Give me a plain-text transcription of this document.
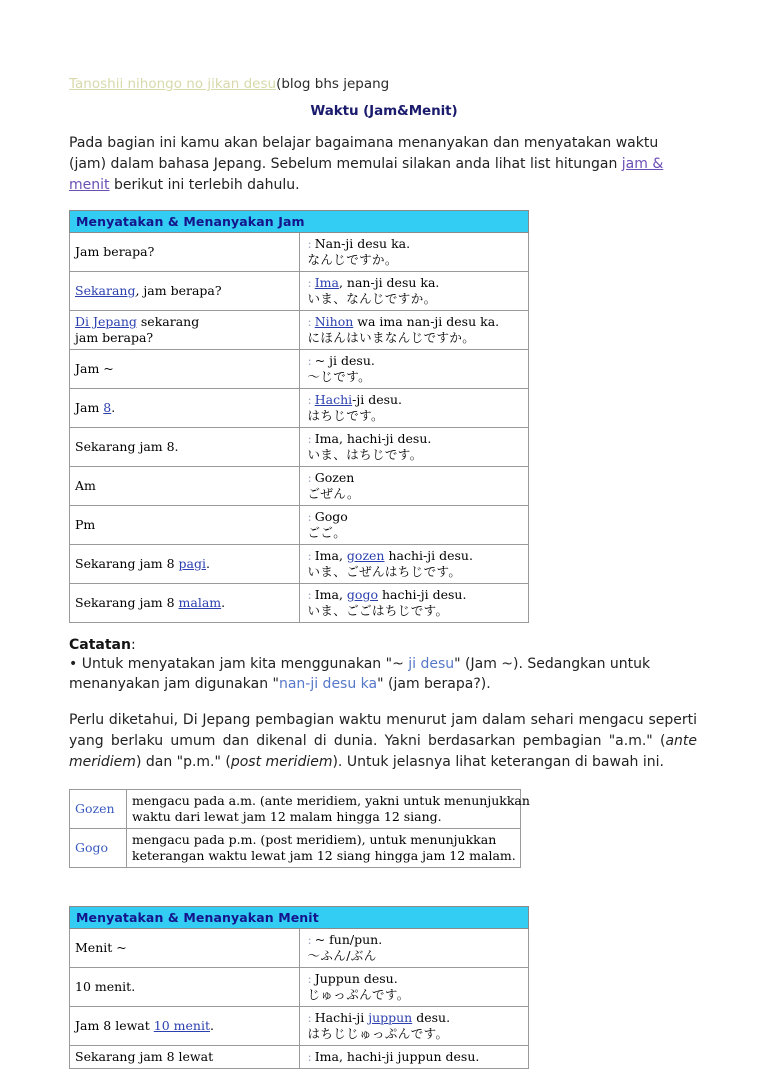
Tanoshii nihongo no jikan desu(blog bhs jepang

Waktu (Jam&Menit)

Pada bagian ini kamu akan belajar bagaimana menanyakan dan menyatakan waktu (jam) dalam bahasa Jepang. Sebelum memulai silakan anda lihat list hitungan jam & menit berikut ini terlebih dahulu.

Menyatakan & Menanyakan Jam	
Jam berapa?	: Nan-ji desu ka.
なんじですか。

Sekarang, jam berapa?	: Ima, nan-ji desu ka.
いま、なんじですか。

Di Jepang sekarang
jam berapa?	: Nihon wa ima nan-ji desu ka.
にほんはいまなんじですか。

Jam ~	: ~ ji desu.
〜じです。

Jam 8.	: Hachi-ji desu.
はちじです。

Sekarang jam 8.	: Ima, hachi-ji desu.
いま、はちじです。

Am	: Gozen
ごぜん。

Pm	: Gogo
ごご。

Sekarang jam 8 pagi.	: Ima, gozen hachi-ji desu.
いま、ごぜんはちじです。

Sekarang jam 8 malam.	: Ima, gogo hachi-ji desu.
いま、ごごはちじです。
Catatan:

• Untuk menyatakan jam kita menggunakan "~ ji desu" (Jam ~). Sedangkan untuk menanyakan jam digunakan "nan-ji desu ka" (jam berapa?).

Perlu diketahui, Di Jepang pembagian waktu menurut jam dalam sehari mengacu seperti yang berlaku umum dan dikenal di dunia. Yakni berdasarkan pembagian "a.m." (ante meridiem) dan "p.m." (post meridiem). Untuk jelasnya lihat keterangan di bawah ini.

Gozen	mengacu pada a.m. (ante meridiem, yakni untuk menunjukkan
waktu dari lewat jam 12 malam hingga 12 siang.

Gogo	mengacu pada p.m. (post meridiem), untuk menunjukkan
keterangan waktu lewat jam 12 siang hingga jam 12 malam.
Menyatakan & Menanyakan Menit	
Menit ~	: ~ fun/pun.
〜ふん/ぶん

10 menit.	: Juppun desu.
じゅっぷんです。

Jam 8 lewat 10 menit.	: Hachi-ji juppun desu.
はちじじゅっぷんです。

Sekarang jam 8 lewat	: Ima, hachi-ji juppun desu.
